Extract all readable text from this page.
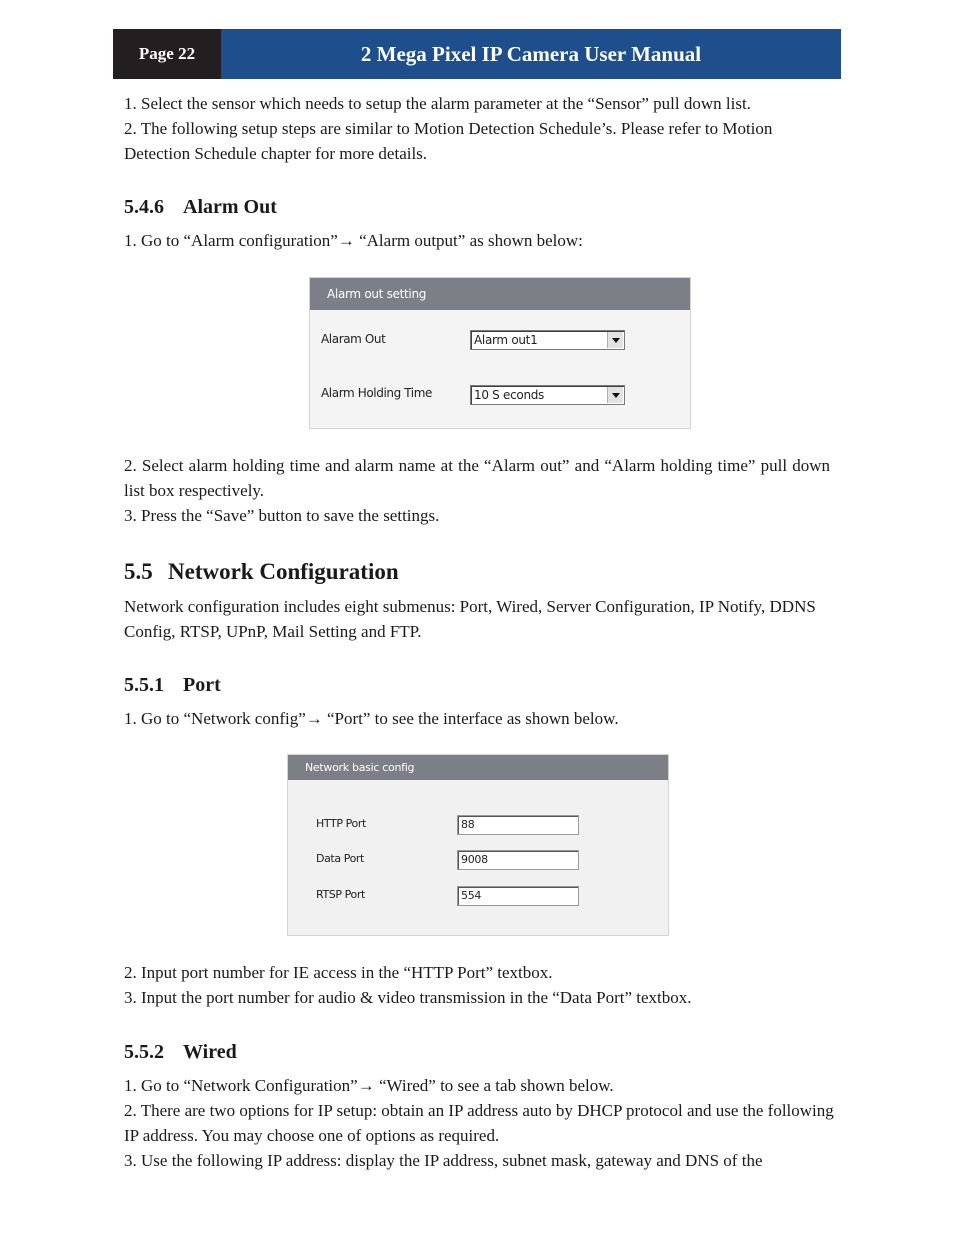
Page 22	2 Mega Pixel IP Camera User Manual

1. Select the sensor which needs to setup the alarm parameter at the “Sensor” pull down list.

2. The following setup steps are similar to Motion Detection Schedule’s. Please refer to Motion Detection Schedule chapter for more details.

5.4.6 Alarm Out

1. Go to “Alarm configuration”→ “Alarm output” as shown below:

Alarm out setting
Alaram Out	Alarm out1
Alarm Holding Time	10 S econds

2. Select alarm holding time and alarm name at the “Alarm out” and “Alarm holding time” pull down list box respectively.

3. Press the “Save” button to save the settings.

5.5 Network Configuration

Network configuration includes eight submenus: Port, Wired, Server Configuration, IP Notify, DDNS Config, RTSP, UPnP, Mail Setting and FTP.

5.5.1 Port

1. Go to “Network config”→ “Port” to see the interface as shown below.

Network basic config
HTTP Port	88
Data Port	9008
RTSP Port	554

2. Input port number for IE access in the “HTTP Port” textbox.

3. Input the port number for audio & video transmission in the “Data Port” textbox.

5.5.2 Wired

1. Go to “Network Configuration”→ “Wired” to see a tab shown below.

2. There are two options for IP setup: obtain an IP address auto by DHCP protocol and use the following IP address. You may choose one of options as required.

3. Use the following IP address: display the IP address, subnet mask, gateway and DNS of the
